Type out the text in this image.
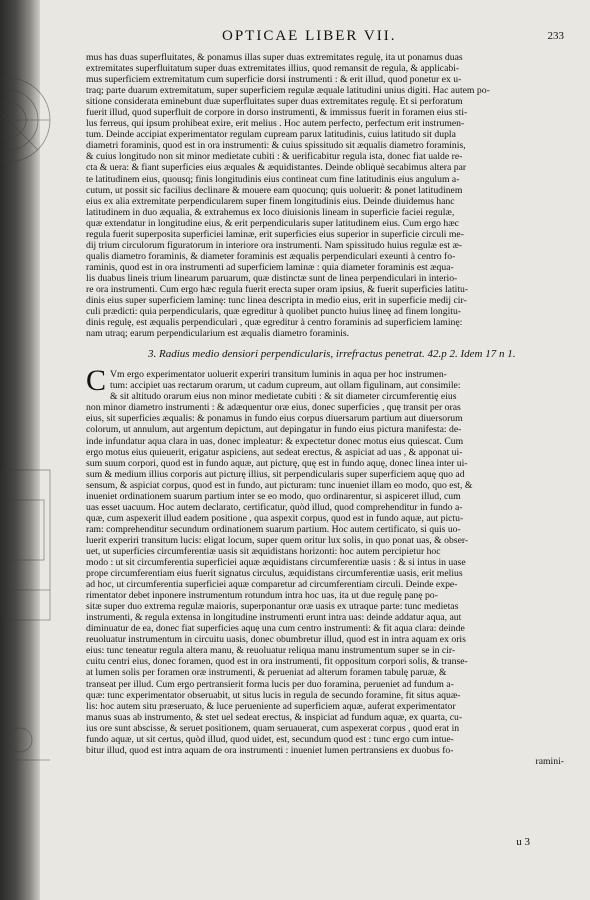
OPTICAE LIBER VII.	233
mus has duas superfluitates, & ponamus illas super duas extremitates regulę, ita ut ponamus duas
extremitates superfluitatum super duas extremitates illius, quod remansit de regula, & applicabi-
mus superficiem extremitatum cum superficie dorsi instrumenti : & erit illud, quod ponetur ex u-
traq; parte duarum extremitatum, super superficiem regulæ æquale latitudini unius digiti. Hac autem po-
sitione considerata eminebunt duæ superfluitates super duas extremitates regulę. Et si perforatum
fuerit illud, quod superfluit de corpore in dorso instrumenti, & immissus fuerit in foramen eius sti-
lus ferreus, qui ipsum prohibeat exire, erit melius . Hoc autem perfecto, perfectum erit instrumen-
tum. Deinde accipiat experimentator regulam cupream parux latitudinis, cuius latitudo sit dupla
diametri foraminis, quod est in ora instrumenti: & cuius spissitudo sit æqualis diametro foraminis,
& cuius longitudo non sit minor medietate cubiti : & uerificabitur regula ista, donec fiat ualde re-
cta & uera: & fiant superficies eius æquales & æquidistantes. Deinde obliquè secabimus altera par
te latitudinem eius, quousq; finis longitudinis eius contineat cum fine latitudinis eius angulum a-
cutum, ut possit sic facilius declinare & mouere eam quocunq; quis uoluerit: & ponet latitudinem
eius ex alia extremitate perpendicularem super finem longitudinis eius. Deinde diuidemus hanc
latitudinem in duo æqualia, & extrahemus ex loco diuisionis lineam in superficie faciei regulæ,
quæ extendatur in longitudine eius, & erit perpendicularis super latitudinem eius. Cum ergo hæc
regula fuerit superposita superficiei laminæ, erit superficies eius superior in superficie circuli me-
dij trium circulorum figuratorum in interiore ora instrumenti. Nam spissitudo huius regulæ est æ-
qualis diametro foraminis, & diameter foraminis est æqualis perpendiculari exeunti à centro fo-
raminis, quod est in ora instrumenti ad superficiem laminæ : quia diameter foraminis est æqua-
lis duabus lineis trium linearum paruarum, quæ distinctæ sunt de linea perpendiculari in interio-
re ora instrumenti. Cum ergo hæc regula fuerit erecta super oram ipsius, & fuerit superficies latitu-
dinis eius super superficiem laminę: tunc linea descripta in medio eius, erit in superficie medij cir-
culi prædicti: quia perpendicularis, quæ egreditur à quolibet puncto huius lineę ad finem longitu-
dinis regulę, est æqualis perpendiculari , quæ egreditur à centro foraminis ad superficiem laminę:
nam utraq; earum perpendicularium est æqualis diametro foraminis.
3. Radius medio densiori perpendicularis, irrefractus penetrat. 42.p 2. Idem 17 n 1.
C Vm ergo experimentator uoluerit experiri transitum luminis in aqua per hoc instrumen-
tum: accipiet uas rectarum orarum, ut cadum cupreum, aut ollam figulinam, aut consimile:
& sit altitudo orarum eius non minor medietate cubiti : & sit diameter circumferentię eius
non minor diametro instrumenti : & adæquentur oræ eius, donec superficies , quę transit per oras
eius, sit superficies æqualis: & ponamus in fundo eius corpus diuersarum partium aut diuersorum
colorum, ut annulum, aut argentum depictum, aut depingatur in fundo eius pictura manifesta: de-
inde infundatur aqua clara in uas, donec impleatur: & expectetur donec motus eius quiescat. Cum
ergo motus eius quieuerit, erigatur aspiciens, aut sedeat erectus, & aspiciat ad uas , & apponat ui-
sum suum corpori, quod est in fundo aquæ, aut picturę, quę est in fundo aquę, donec linea inter ui-
sum & medium illius corporis aut picturę illius, sit perpendicularis super superficiem aquę quo ad
sensum, & aspiciat corpus, quod est in fundo, aut picturam: tunc inueniet illam eo modo, quo est, &
inueniet ordinationem suarum partium inter se eo modo, quo ordinarentur, si aspiceret illud, cum
uas esset uacuum. Hoc autem declarato, certificatur, quòd illud, quod comprehenditur in fundo a-
quæ, cum aspexerit illud eadem positione , qua aspexit corpus, quod est in fundo aquæ, aut pictu-
ram: comprehenditur secundum ordinationem suarum partium. Hoc autem certificato, si quis uo-
luerit experiri transitum lucis: eligat locum, super quem oritur lux solis, in quo ponat uas, & obser-
uet, ut superficies circumferentiæ uasis sit æquidistans horizonti: hoc autem percipietur hoc
modo : ut sit circumferentia superficiei aquæ æquidistans circumferentiæ uasis : & si intus in uase
prope circumferentiam eius fuerit signatus circulus, æquidistans circumferentiæ uasis, erit melius
ad hoc, ut circumferentia superficiei aquæ comparetur ad circumferentiam circuli. Deinde expe-
rimentator debet inponere instrumentum rotundum intra hoc uas, ita ut due regulę panę po-
sitæ super duo extrema regulæ maioris, superponantur oræ uasis ex utraque parte: tunc medietas
instrumenti, & regula extensa in longitudine instrumenti erunt intra uas: deinde addatur aqua, aut
diminuatur de ea, donec fiat superficies aquę una cum centro instrumenti: & fit aqua clara: deinde
reuoluatur instrumentum in circuitu uasis, donec obumbretur illud, quod est in intra aquam ex oris
eius: tunc teneatur regula altera manu, & reuoluatur reliqua manu instrumentum super se in cir-
cuitu centri eius, donec foramen, quod est in ora instrumenti, fit oppositum corpori solis, & transe-
at lumen solis per foramen oræ instrumenti, & perueniat ad alterum foramen tabulę paruæ, &
transeat per illud. Cum ergo pertransierit forma lucis per duo foramina, perueniet ad fundum a-
quæ: tunc experimentator obseruabit, ut situs lucis in regula de secundo foramine, fit situs aquæ-
lis: hoc autem situ præseruato, & luce perueniente ad superficiem aquæ, auferat experimentator
manus suas ab instrumento, & stet uel sedeat erectus, & inspiciat ad fundum aquæ, ex quarta, cu-
ius ore sunt abscisse, & seruet positionem, quam seruauerat, cum aspexerat corpus , quod erat in
fundo aquæ, ut sit certus, quòd illud, quod uidet, est, secundum quod est : tunc ergo cum intue-
bitur illud, quod est intra aquam de ora instrumenti : inueniet lumen pertransiens ex duobus fo-
ramini-
u 3
